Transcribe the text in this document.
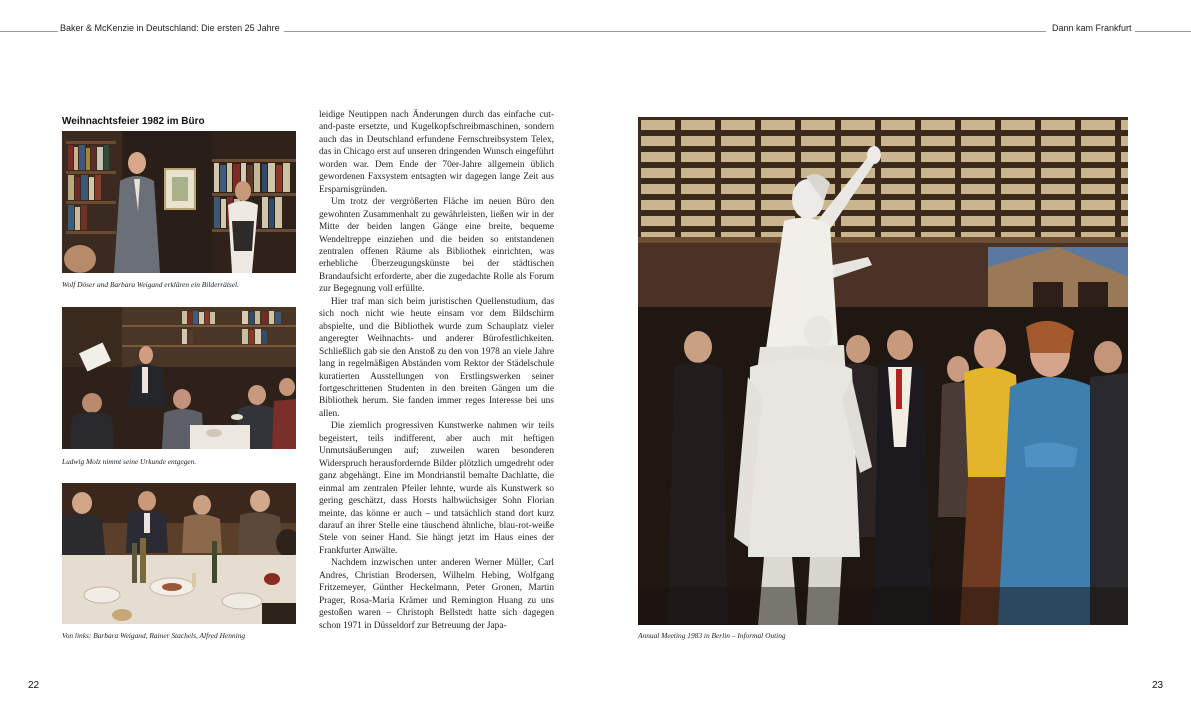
Baker & McKenzie in Deutschland: Die ersten 25 Jahre	Dann kam Frankfurt
Weihnachtsfeier 1982 im Büro
Wolf Döser und Barbara Weigand erklären ein Bilderrätsel.
Ludwig Molz nimmt seine Urkunde entgegen.
Von links: Barbara Weigand, Rainer Stachels, Alfred Henning

leidige Neutippen nach Änderungen durch das einfache cut-and-paste ersetzte, und Kugelkopfschreibmaschinen, sondern auch das in Deutschland erfundene Fernschreibsystem Telex, das in Chicago erst auf unseren dringenden Wunsch eingeführt worden war. Dem Ende der 70er-Jahre allgemein üblich gewordenen Faxsystem entsagten wir dagegen lange Zeit aus Ersparnisgründen.

Um trotz der vergrößerten Fläche im neuen Büro den gewohnten Zusammenhalt zu gewährleisten, ließen wir in der Mitte der beiden langen Gänge eine breite, bequeme Wendeltreppe einziehen und die beiden so entstandenen zentralen offenen Räume als Bibliothek einrichten, was erhebliche Überzeugungskünste bei der städtischen Brandaufsicht erforderte, aber die zugedachte Rolle als Forum zur Begegnung voll erfüllte.

Hier traf man sich beim juristischen Quellenstudium, das sich noch nicht wie heute einsam vor dem Bildschirm abspielte, und die Bibliothek wurde zum Schauplatz vieler angeregter Weihnachts- und anderer Bürofestlichkeiten. Schließlich gab sie den Anstoß zu den von 1978 an viele Jahre lang in regelmäßigen Abständen vom Rektor der Städelschule kuratierten Ausstellungen von Erstlingswerken seiner fortgeschrittenen Studenten in den breiten Gängen um die Bibliothek herum. Sie fanden immer reges Interesse bei uns allen.

Die ziemlich progressiven Kunstwerke nahmen wir teils begeistert, teils indifferent, aber auch mit heftigen Unmutsäußerungen auf; zuweilen waren besonderen Widerspruch herausfordernde Bilder plötzlich umgedreht oder ganz abgehängt. Eine im Mondrianstil bemalte Dachlatte, die einmal am zentralen Pfeiler lehnte, wurde als Kunstwerk so gering geschätzt, dass Horsts halbwüchsiger Sohn Florian meinte, das könne er auch – und tatsächlich stand dort kurz darauf an ihrer Stelle eine täuschend ähnliche, blau-rot-weiße Stele von seiner Hand. Sie hängt jetzt im Haus eines der Frankfurter Anwälte.

Nachdem inzwischen unter anderen Werner Müller, Carl Andres, Christian Brodersen, Wilhelm Hebing, Wolfgang Fritzemeyer, Günther Heckelmann, Peter Gronen, Martin Prager, Rosa-Maria Krämer und Remington Huang zu uns gestoßen waren – Christoph Bellstedt hatte sich dagegen schon 1971 in Düsseldorf zur Betreuung der Japa-

22
Annual Meeting 1983 in Berlin – Informal Outing
23
